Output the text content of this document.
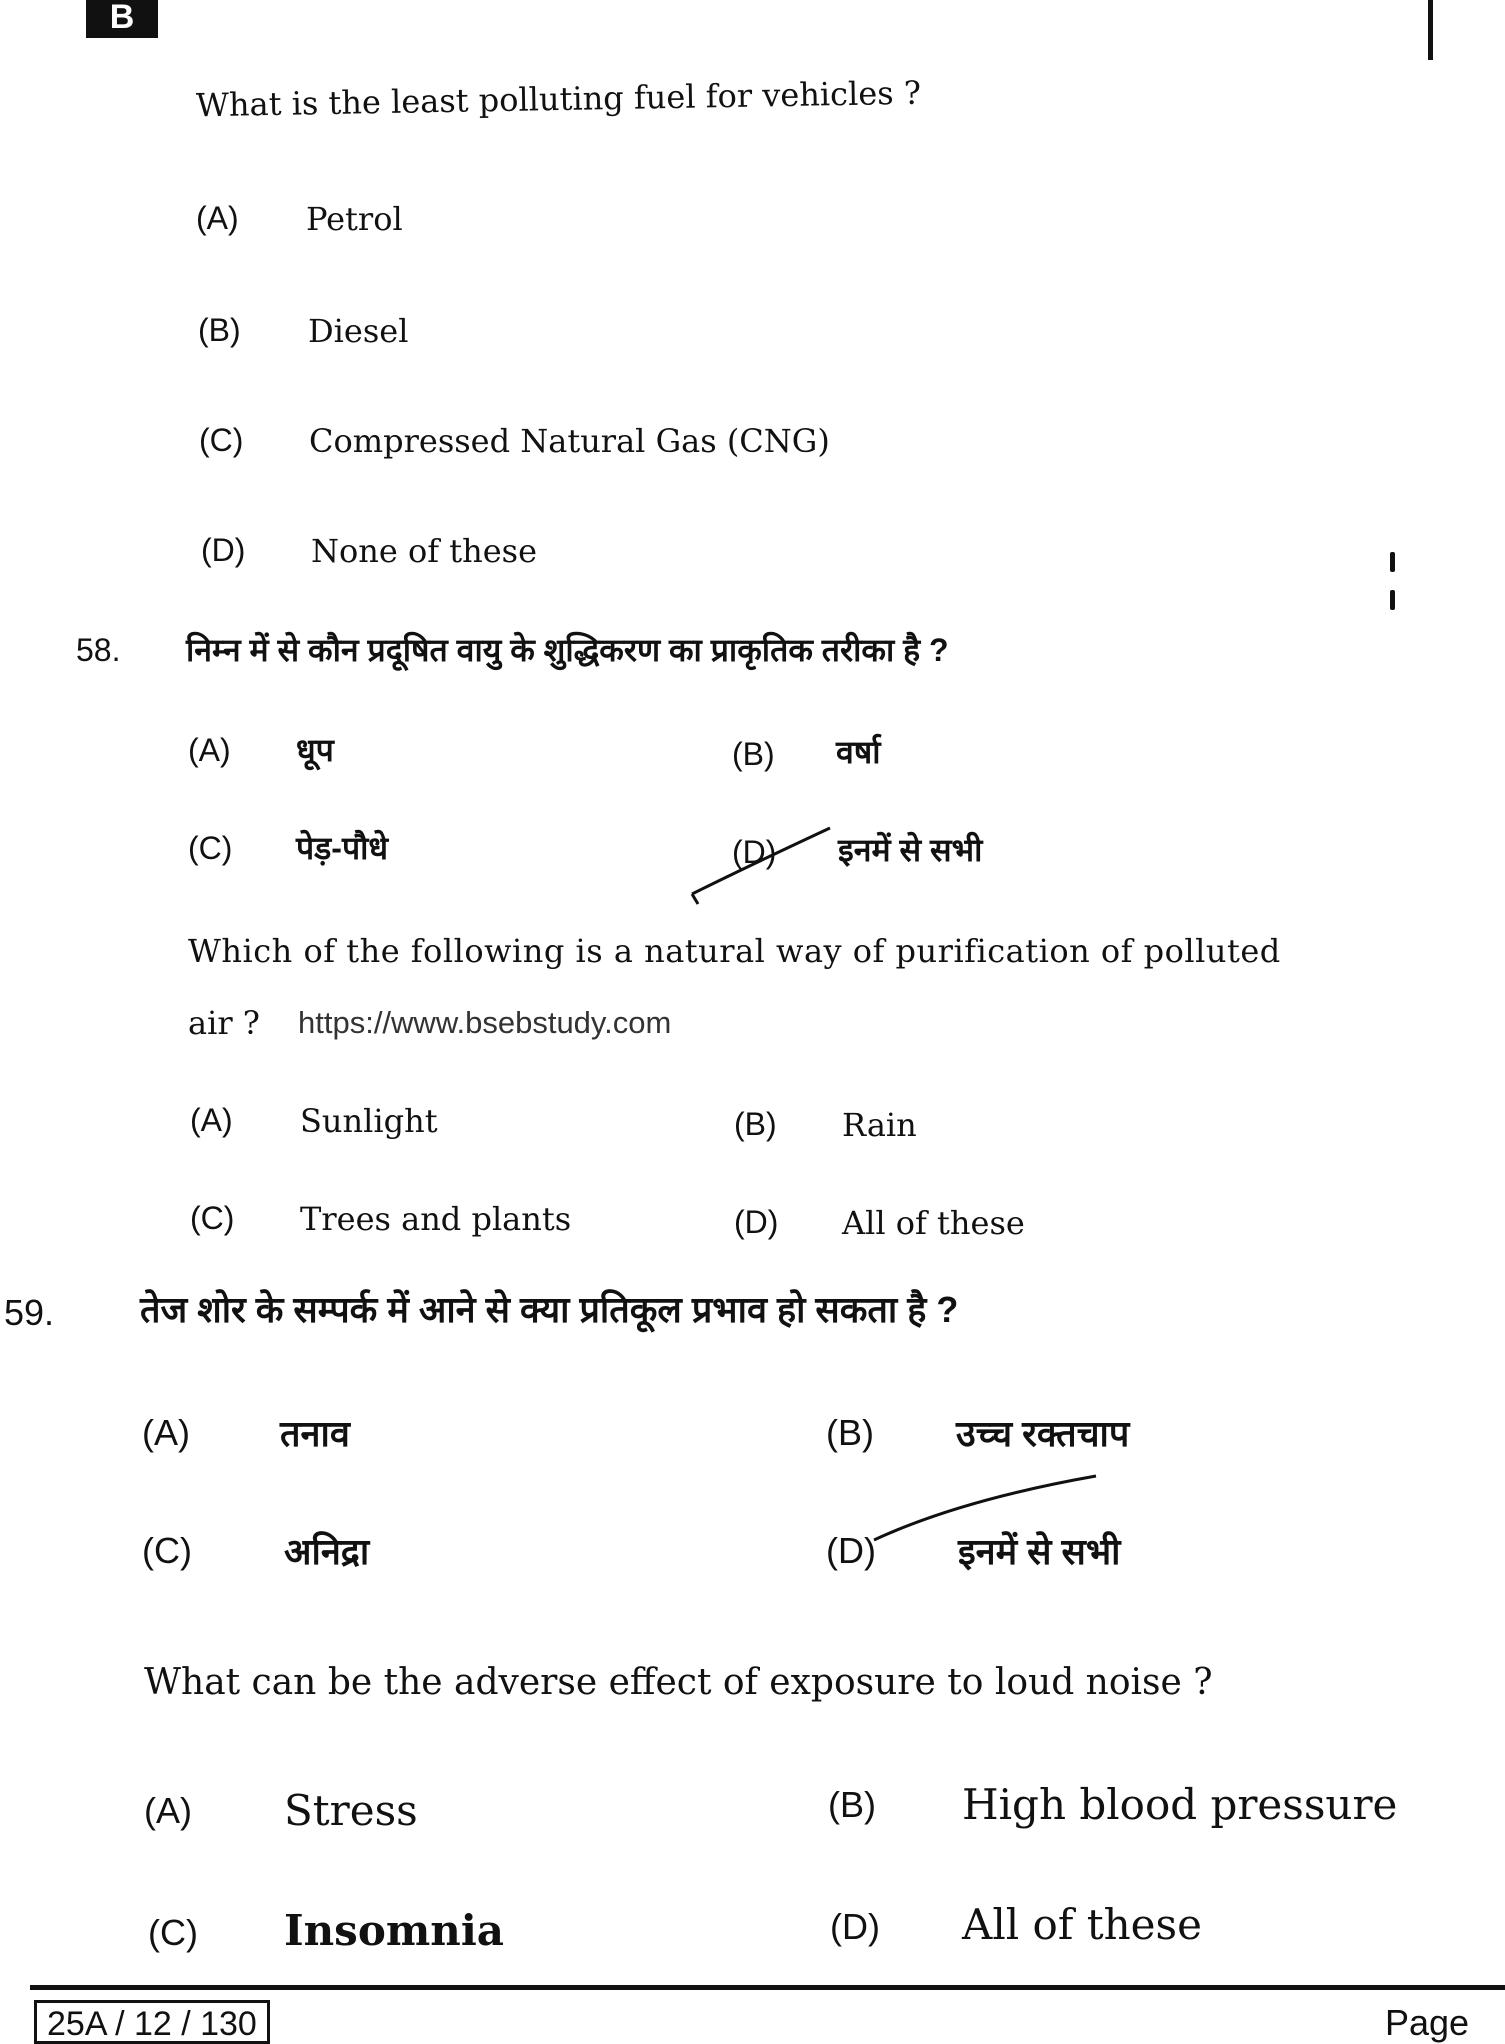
B
What is the least polluting fuel for vehicles ?
(A) Petrol
(B) Diesel
(C) Compressed Natural Gas (CNG)
(D) None of these
58. निम्न में से कौन प्रदूषित वायु के शुद्धिकरण का प्राकृतिक तरीका है ?
(A) धूप	(B) वर्षा
(C) पेड़-पौधे	(D) इनमें से सभी
Which of the following is a natural way of purification of polluted
air ? https://www.bsebstudy.com
(A) Sunlight	(B) Rain
(C) Trees and plants	(D) All of these
59. तेज शोर के सम्पर्क में आने से क्या प्रतिकूल प्रभाव हो सकता है ?
(A)	तनाव	(B) उच्च रक्तचाप
(C)	अनिद्रा	(D) इनमें से सभी
What can be the adverse effect of exposure to loud noise ?
(A) Stress	(B) High blood pressure
(C) Insomnia	(D) All of these
25A / 12 / 130	Page
